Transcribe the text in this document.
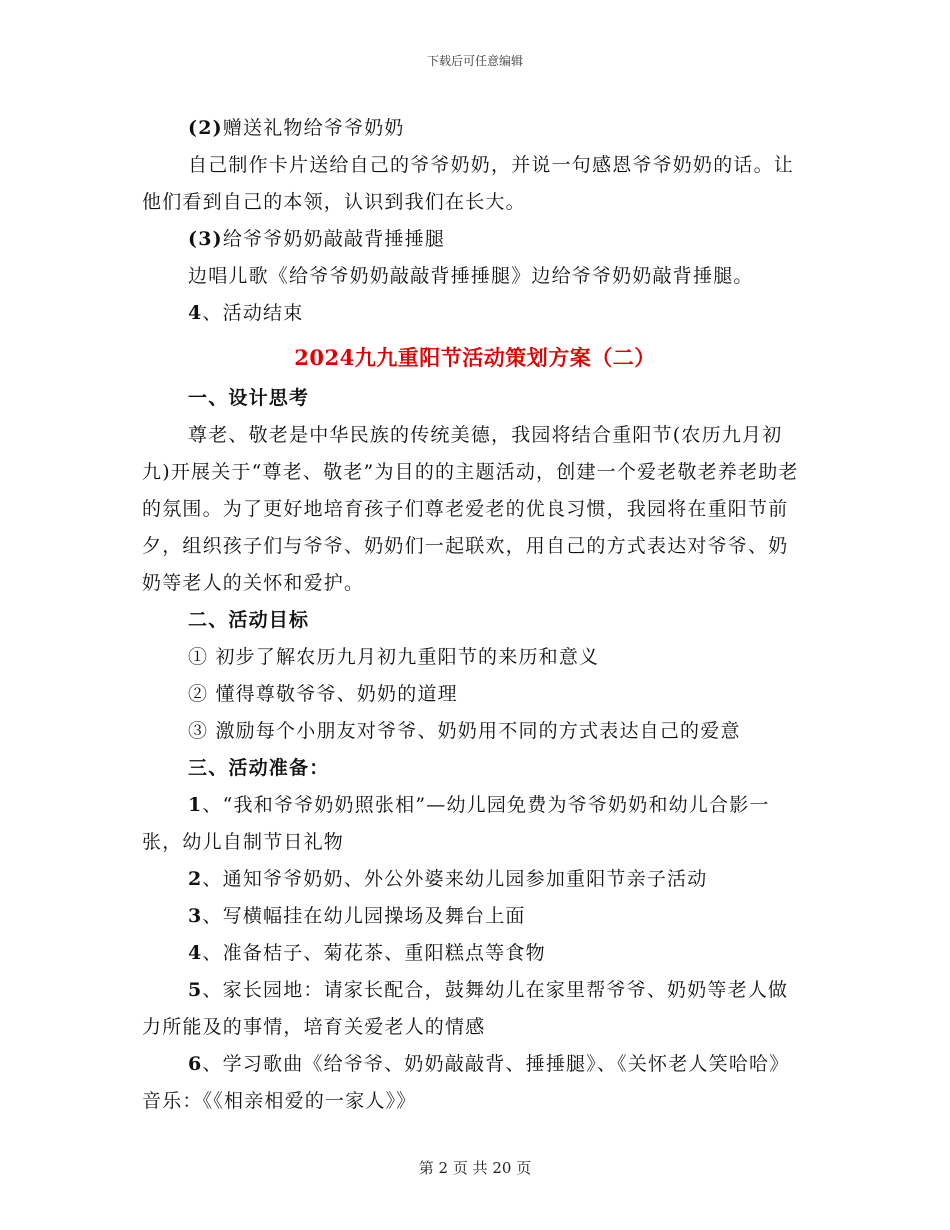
下载后可任意编辑

(2)赠送礼物给爷爷奶奶

自己制作卡片送给自己的爷爷奶奶，并说一句感恩爷爷奶奶的话。让他们看到自己的本领，认识到我们在长大。

(3)给爷爷奶奶敲敲背捶捶腿

边唱儿歌《给爷爷奶奶敲敲背捶捶腿》边给爷爷奶奶敲背捶腿。

4、活动结束

2024九九重阳节活动策划方案（二）

一、设计思考

尊老、敬老是中华民族的传统美德，我园将结合重阳节(农历九月初九)开展关于“尊老、敬老”为目的的主题活动，创建一个爱老敬老养老助老的氛围。为了更好地培育孩子们尊老爱老的优良习惯，我园将在重阳节前夕，组织孩子们与爷爷、奶奶们一起联欢，用自己的方式表达对爷爷、奶奶等老人的关怀和爱护。

二、活动目标

① 初步了解农历九月初九重阳节的来历和意义

② 懂得尊敬爷爷、奶奶的道理

③ 激励每个小朋友对爷爷、奶奶用不同的方式表达自己的爱意

三、活动准备：

1、“我和爷爷奶奶照张相”—幼儿园免费为爷爷奶奶和幼儿合影一张，幼儿自制节日礼物

2、通知爷爷奶奶、外公外婆来幼儿园参加重阳节亲子活动

3、写横幅挂在幼儿园操场及舞台上面

4、准备桔子、菊花茶、重阳糕点等食物

5、家长园地：请家长配合，鼓舞幼儿在家里帮爷爷、奶奶等老人做力所能及的事情，培育关爱老人的情感

6、学习歌曲《给爷爷、奶奶敲敲背、捶捶腿》、《关怀老人笑哈哈》音乐：《《相亲相爱的一家人》》

第 2 页 共 20 页
